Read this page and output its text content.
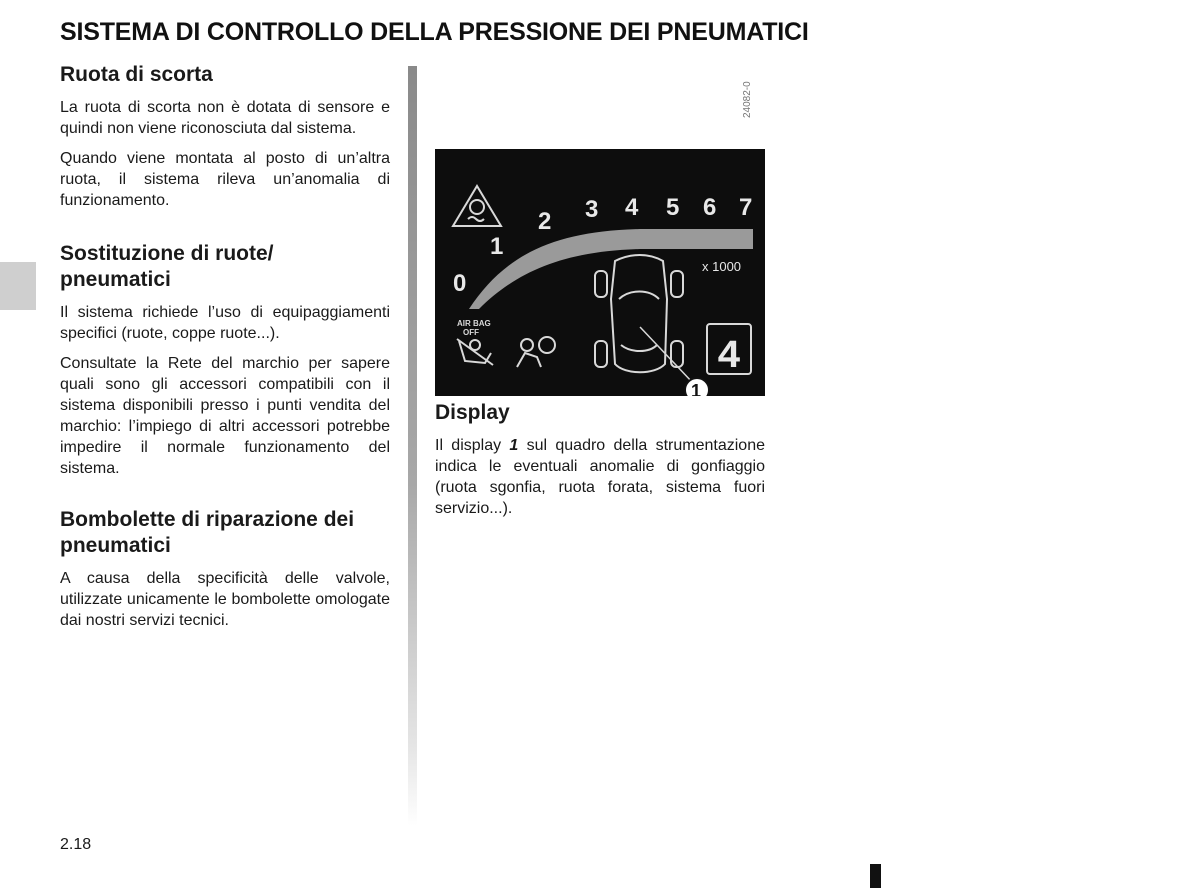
SISTEMA DI CONTROLLO DELLA PRESSIONE DEI PNEUMATICI
Ruota di scorta

La ruota di scorta non è dotata di sensore e quindi non viene riconosciuta dal sistema.

Quando viene montata al posto di un’altra ruota, il sistema rileva un’anomalia di funzionamento.

Sostituzione di ruote/ pneumatici

Il sistema richiede l’uso di equipaggiamenti specifici (ruote, coppe ruote...).

Consultate la Rete del marchio per sapere quali sono gli accessori compatibili con il sistema disponibili presso i punti vendita del marchio: l’impiego di altri accessori potrebbe impedire il normale funzionamento del sistema.

Bombolette di riparazione dei pneumatici

A causa della specificità delle valvole, utilizzate unicamente le bombolette omologate dai nostri servizi tecnici.

24082-0
0
1
2 3 4 5 6 7
x 1000
4
AIR BAG
OFF
1
Display

Il display 1 sul quadro della strumentazione indica le eventuali anomalie di gonfiaggio (ruota sgonfia, ruota forata, sistema fuori servizio...).

2.18
